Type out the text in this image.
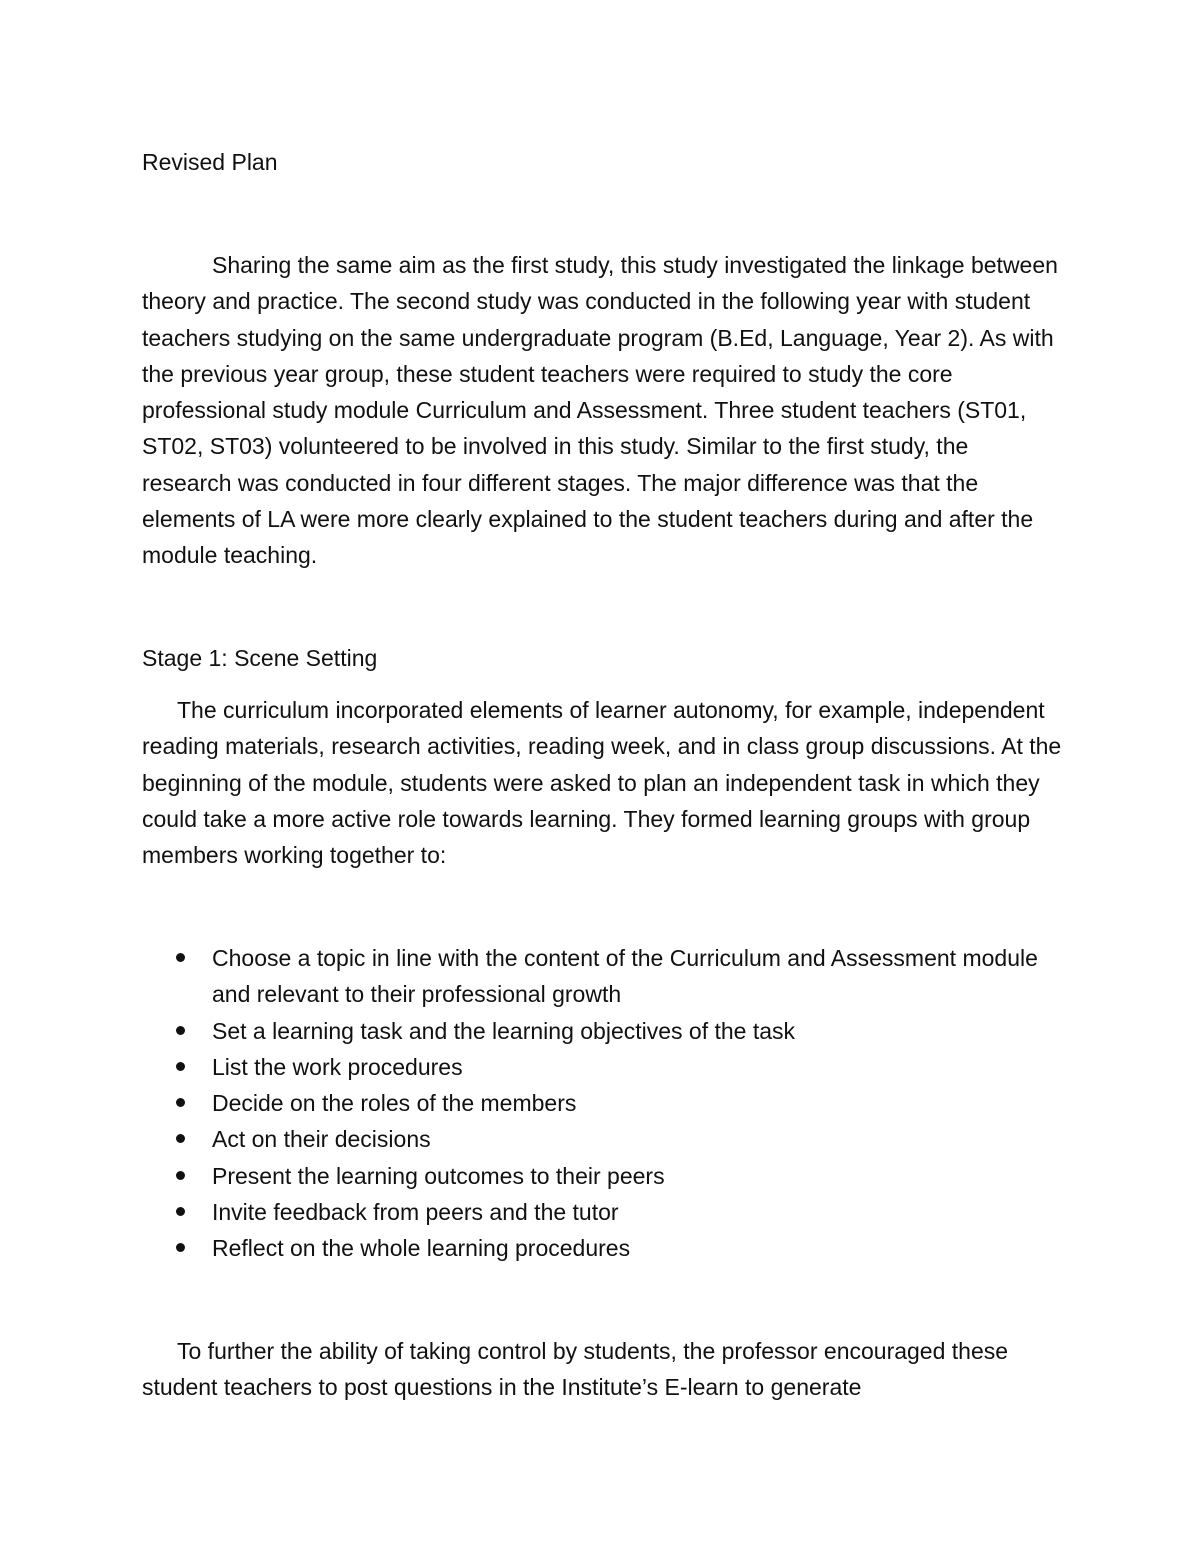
Revised Plan

Sharing the same aim as the first study, this study investigated the linkage between theory and practice. The second study was conducted in the following year with student teachers studying on the same undergraduate program (B.Ed, Language, Year 2). As with the previous year group, these student teachers were required to study the core professional study module Curriculum and Assessment. Three student teachers (ST01, ST02, ST03) volunteered to be involved in this study. Similar to the first study, the research was conducted in four different stages. The major difference was that the elements of LA were more clearly explained to the student teachers during and after the module teaching.

Stage 1: Scene Setting

The curriculum incorporated elements of learner autonomy, for example, independent reading materials, research activities, reading week, and in class group discussions. At the beginning of the module, students were asked to plan an independent task in which they could take a more active role towards learning. They formed learning groups with group members working together to:

Choose a topic in line with the content of the Curriculum and Assessment module and relevant to their professional growth
Set a learning task and the learning objectives of the task
List the work procedures
Decide on the roles of the members
Act on their decisions
Present the learning outcomes to their peers
Invite feedback from peers and the tutor
Reflect on the whole learning procedures

To further the ability of taking control by students, the professor encouraged these student teachers to post questions in the Institute’s E-learn to generate
